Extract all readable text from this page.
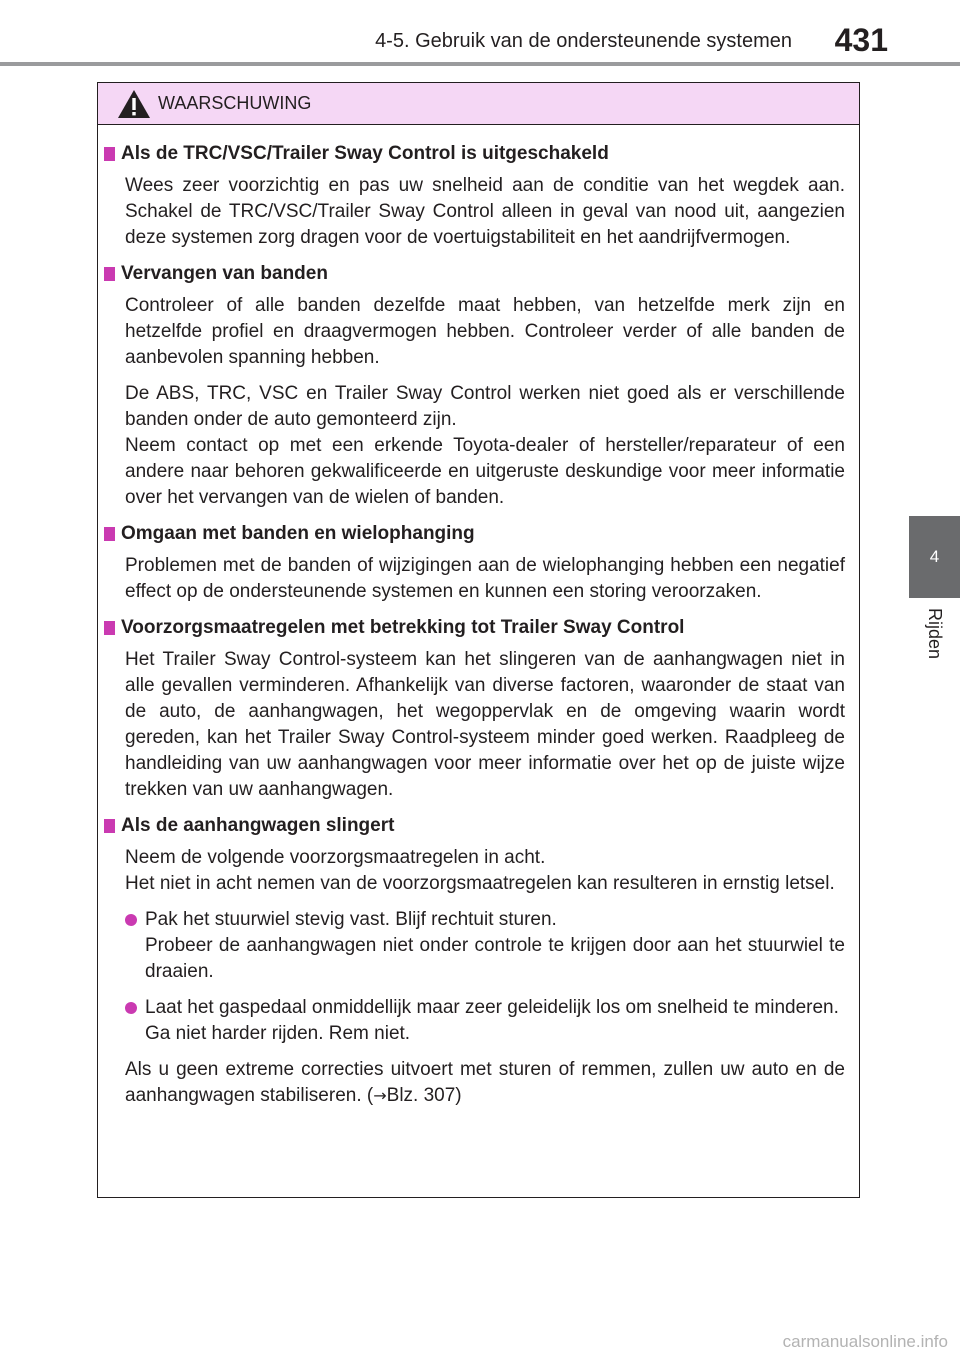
4-5. Gebruik van de ondersteunende systemen 431
4
Rijden
WAARSCHUWING
Als de TRC/VSC/Trailer Sway Control is uitgeschakeld

Wees zeer voorzichtig en pas uw snelheid aan de conditie van het wegdek aan. Schakel de TRC/VSC/Trailer Sway Control alleen in geval van nood uit, aangezien deze systemen zorg dragen voor de voertuigstabiliteit en het aandrijfvermogen.

Vervangen van banden

Controleer of alle banden dezelfde maat hebben, van hetzelfde merk zijn en hetzelfde profiel en draagvermogen hebben. Controleer verder of alle banden de aanbevolen spanning hebben.

De ABS, TRC, VSC en Trailer Sway Control werken niet goed als er verschillende banden onder de auto gemonteerd zijn.

Neem contact op met een erkende Toyota-dealer of hersteller/reparateur of een andere naar behoren gekwalificeerde en uitgeruste deskundige voor meer informatie over het vervangen van de wielen of banden.

Omgaan met banden en wielophanging

Problemen met de banden of wijzigingen aan de wielophanging hebben een negatief effect op de ondersteunende systemen en kunnen een storing veroorzaken.

Voorzorgsmaatregelen met betrekking tot Trailer Sway Control

Het Trailer Sway Control-systeem kan het slingeren van de aanhangwagen niet in alle gevallen verminderen. Afhankelijk van diverse factoren, waaronder de staat van de auto, de aanhangwagen, het wegoppervlak en de omgeving waarin wordt gereden, kan het Trailer Sway Control-systeem minder goed werken. Raadpleeg de handleiding van uw aanhangwagen voor meer informatie over het op de juiste wijze trekken van uw aanhangwagen.

Als de aanhangwagen slingert

Neem de volgende voorzorgsmaatregelen in acht.

Het niet in acht nemen van de voorzorgsmaatregelen kan resulteren in ernstig letsel.

Pak het stuurwiel stevig vast. Blijf rechtuit sturen.
Probeer de aanhangwagen niet onder controle te krijgen door aan het stuurwiel te draaien.
Laat het gaspedaal onmiddellijk maar zeer geleidelijk los om snelheid te minderen.
Ga niet harder rijden. Rem niet.

Als u geen extreme correcties uitvoert met sturen of remmen, zullen uw auto en de aanhangwagen stabiliseren. (→Blz. 307)

carmanualsonline.info
